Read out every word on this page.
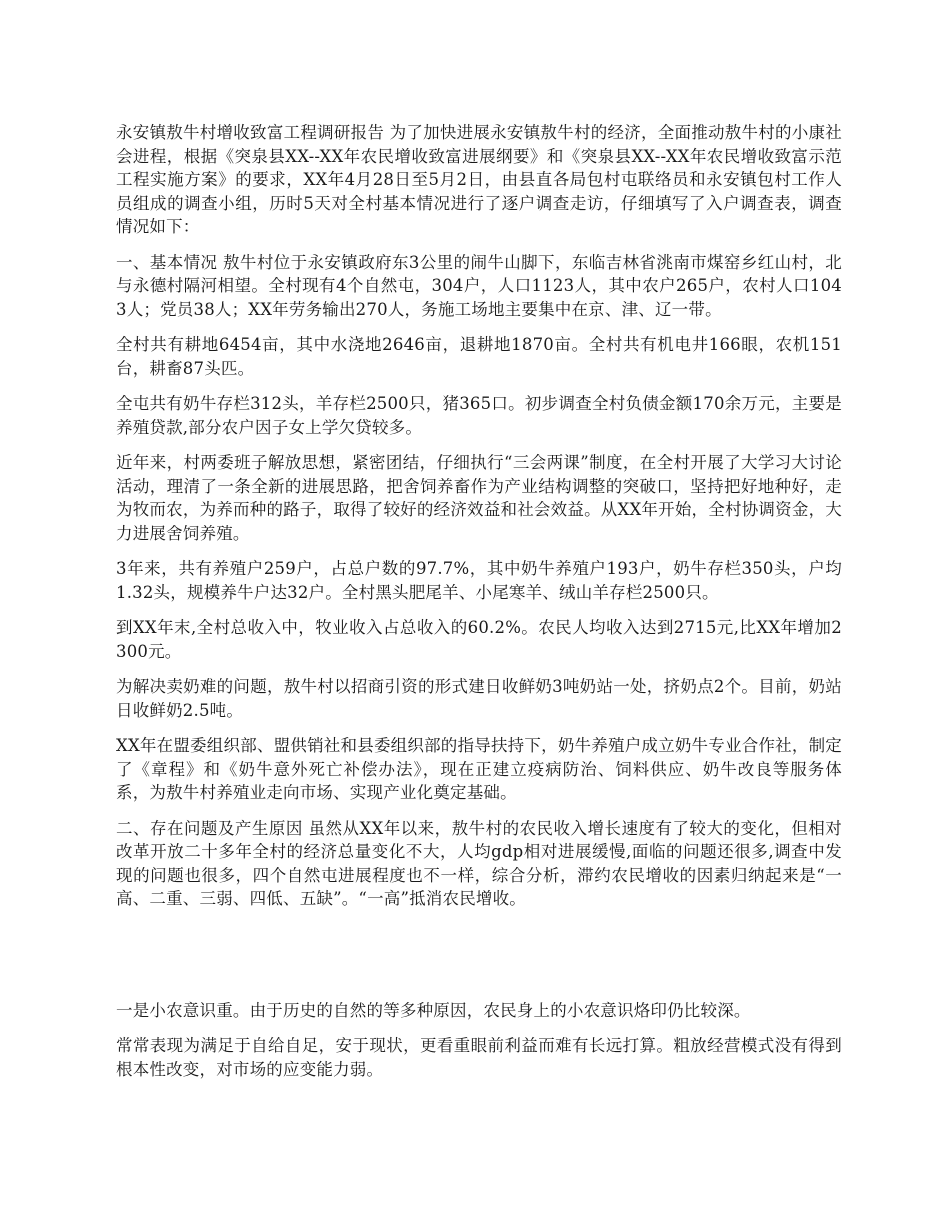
永安镇敖牛村增收致富工程调研报告 为了加快进展永安镇敖牛村的经济，全面推动敖牛村的小康社会进程，根据《突泉县XX--XX年农民增收致富进展纲要》和《突泉县XX--XX年农民增收致富示范工程实施方案》的要求，XX年4月28日至5月2日，由县直各局包村屯联络员和永安镇包村工作人员组成的调查小组，历时5天对全村基本情况进行了逐户调查走访，仔细填写了入户调查表，调查情况如下：

一、基本情况 敖牛村位于永安镇政府东3公里的闹牛山脚下，东临吉林省洮南市煤窑乡红山村，北与永德村隔河相望。全村现有4个自然屯，304户，人口1123人，其中农户265户，农村人口1043人；党员38人；XX年劳务输出270人，务施工场地主要集中在京、津、辽一带。

全村共有耕地6454亩，其中水浇地2646亩，退耕地1870亩。全村共有机电井166眼，农机151台，耕畜87头匹。

全屯共有奶牛存栏312头，羊存栏2500只，猪365口。初步调查全村负债金额170余万元，主要是养殖贷款,部分农户因子女上学欠贷较多。

近年来，村两委班子解放思想，紧密团结，仔细执行“三会两课”制度，在全村开展了大学习大讨论活动，理清了一条全新的进展思路，把舍饲养畜作为产业结构调整的突破口，坚持把好地种好，走为牧而农，为养而种的路子，取得了较好的经济效益和社会效益。从XX年开始，全村协调资金，大力进展舍饲养殖。

3年来，共有养殖户259户，占总户数的97.7%，其中奶牛养殖户193户，奶牛存栏350头，户均1.32头，规模养牛户达32户。全村黑头肥尾羊、小尾寒羊、绒山羊存栏2500只。

到XX年末,全村总收入中，牧业收入占总收入的60.2%。农民人均收入达到2715元,比XX年增加2300元。

为解决卖奶难的问题，敖牛村以招商引资的形式建日收鲜奶3吨奶站一处，挤奶点2个。目前，奶站日收鲜奶2.5吨。

XX年在盟委组织部、盟供销社和县委组织部的指导扶持下，奶牛养殖户成立奶牛专业合作社，制定了《章程》和《奶牛意外死亡补偿办法》，现在正建立疫病防治、饲料供应、奶牛改良等服务体系，为敖牛村养殖业走向市场、实现产业化奠定基础。

二、存在问题及产生原因 虽然从XX年以来，敖牛村的农民收入增长速度有了较大的变化，但相对改革开放二十多年全村的经济总量变化不大，人均gdp相对进展缓慢,面临的问题还很多,调查中发现的问题也很多，四个自然屯进展程度也不一样，综合分析，滞约农民增收的因素归纳起来是“一高、二重、三弱、四低、五缺”。“一高”抵消农民增收。

一是小农意识重。由于历史的自然的等多种原因，农民身上的小农意识烙印仍比较深。

常常表现为满足于自给自足，安于现状，更看重眼前利益而难有长远打算。粗放经营模式没有得到根本性改变，对市场的应变能力弱。
